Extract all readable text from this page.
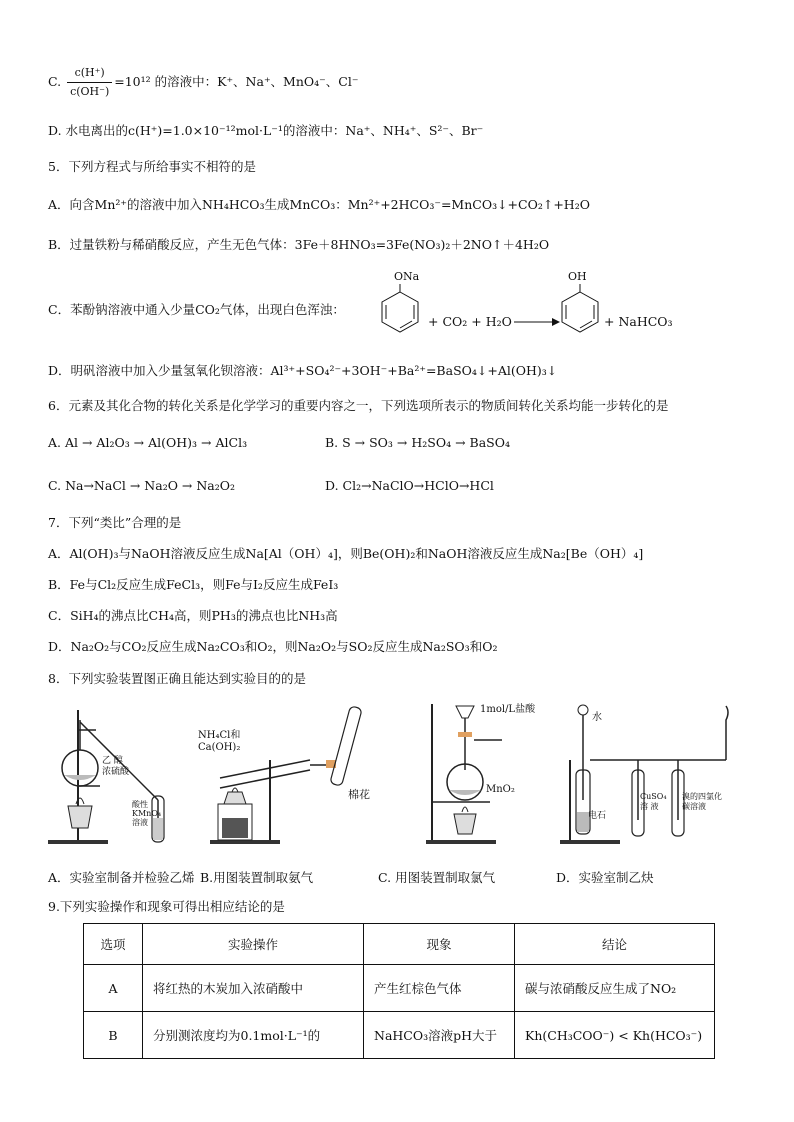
C. $\frac{c(H^+)}{c(OH^-)} =10^{12}$ 的溶液中：K⁺、Na⁺、MnO₄⁻、Cl⁻
D. 水电离出的c(H⁺)=1.0×10⁻¹²mol·L⁻¹的溶液中：Na⁺、NH₄⁺、S²⁻、Br⁻
5．下列方程式与所给事实不相符的是
A．向含Mn²⁺的溶液中加入NH₄HCO₃生成MnCO₃：Mn²⁺+2HCO₃⁻=MnCO₃↓+CO₂↑+H₂O
B．过量铁粉与稀硝酸反应，产生无色气体：3Fe＋8HNO₃=3Fe(NO₃)₂＋2NO↑＋4H₂O
C．苯酚钠溶液中通入少量CO₂气体，出现白色浑浊：
ONa
+ CO₂ + H₂O →
OH
+ NaHCO₃
D．明矾溶液中加入少量氢氧化钡溶液：Al³⁺+SO₄²⁻+3OH⁻+Ba²⁺=BaSO₄↓+Al(OH)₃↓
6．元素及其化合物的转化关系是化学学习的重要内容之一，下列选项所表示的物质间转化关系均能一步转化的是
A. Al → Al₂O₃ → Al(OH)₃ → AlCl₃	B. S → SO₃ → H₂SO₄ → BaSO₄
C. Na→NaCl → Na₂O → Na₂O₂	D. Cl₂→NaClO→HClO→HCl
7．下列“类比”合理的是
A．Al(OH)₃与NaOH溶液反应生成Na[Al（OH）₄]，则Be(OH)₂和NaOH溶液反应生成Na₂[Be（OH）₄]
B．Fe与Cl₂反应生成FeCl₃，则Fe与I₂反应生成FeI₃
C．SiH₄的沸点比CH₄高，则PH₃的沸点也比NH₃高
D．Na₂O₂与CO₂反应生成Na₂CO₃和O₂，则Na₂O₂与SO₂反应生成Na₂SO₃和O₂
8．下列实验装置图正确且能达到实验目的的是
乙 醇
浓硫酸
酸性KMnO₄溶液
NH₄Cl和
Ca(OH)₂
棉花
1mol/L盐酸
MnO₂
水
电石
CuSO₄溶 液
溴的四氯化碳溶液
A．实验室制备并检验乙烯 B.用图装置制取氨气	C. 用图装置制取氯气	D．实验室制乙炔
9.下列实验操作和现象可得出相应结论的是
选项	实验操作	现象	结论
A	将红热的木炭加入浓硝酸中	产生红棕色气体	碳与浓硝酸反应生成了NO₂
B	分别测浓度均为0.1mol·L⁻¹的	NaHCO₃溶液pH大于	Kh(CH₃COO⁻) < Kh(HCO₃⁻)
